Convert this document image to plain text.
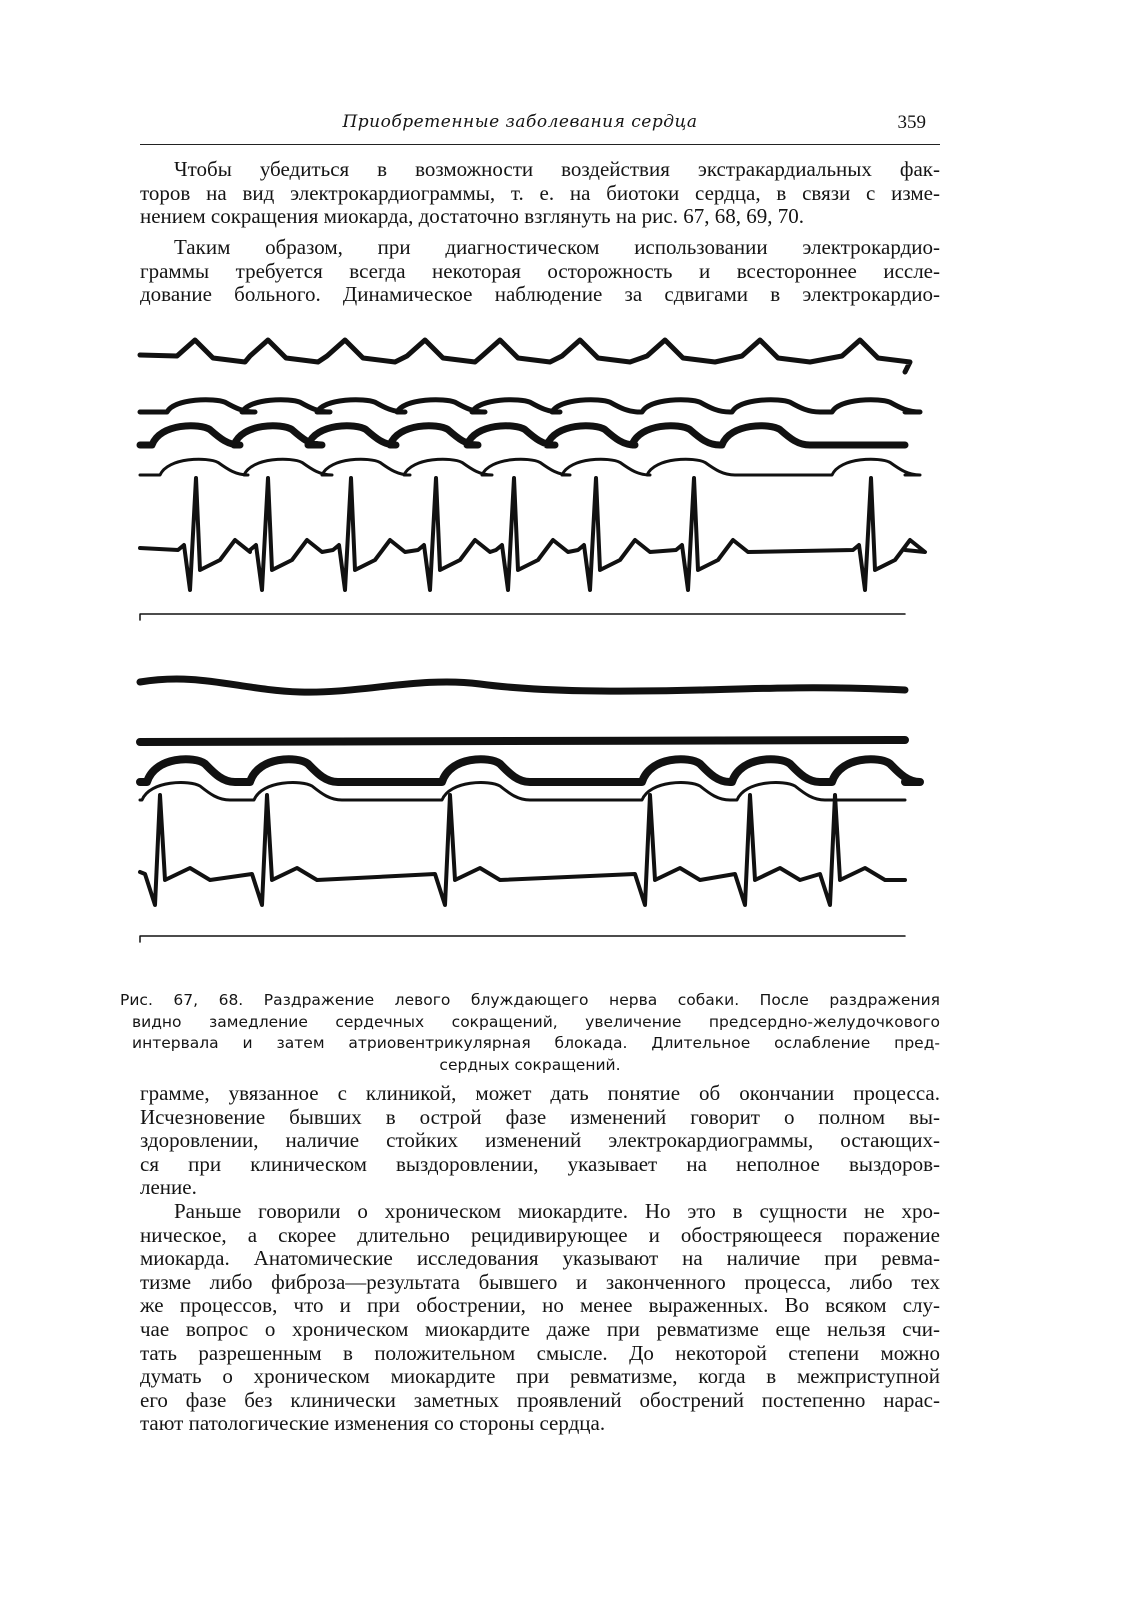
Приобретенные заболевания сердца	359
Чтобы убедиться в возможности воздействия экстракардиальных фак-
торов на вид электрокардиограммы, т. е. на биотоки сердца, в связи с изме-
нением сокращения миокарда, достаточно взглянуть на рис. 67, 68, 69, 70.
Таким образом, при диагностическом использовании электрокардио-
граммы требуется всегда некоторая осторожность и всестороннее иссле-
дование больного. Динамическое наблюдение за сдвигами в электрокардио-
Рис. 67, 68. Раздражение левого блуждающего нерва собаки. После раздражения
видно замедление сердечных сокращений, увеличение предсердно-желудочкового
интервала и затем атриовентрикулярная блокада. Длительное ослабление пред-
сердных сокращений.
грамме, увязанное с клиникой, может дать понятие об окончании процесса.
Исчезновение бывших в острой фазе изменений говорит о полном вы-
здоровлении, наличие стойких изменений электрокардиограммы, остающих-
ся при клиническом выздоровлении, указывает на неполное выздоров-
ление.
Раньше говорили о хроническом миокардите. Но это в сущности не хро-
ническое, а скорее длительно рецидивирующее и обостряющееся поражение
миокарда. Анатомические исследования указывают на наличие при ревма-
тизме либо фиброза—результата бывшего и законченного процесса, либо тех
же процессов, что и при обострении, но менее выраженных. Во всяком слу-
чае вопрос о хроническом миокардите даже при ревматизме еще нельзя счи-
тать разрешенным в положительном смысле. До некоторой степени можно
думать о хроническом миокардите при ревматизме, когда в межприступной
его фазе без клинически заметных проявлений обострений постепенно нарас-
тают патологические изменения со стороны сердца.
